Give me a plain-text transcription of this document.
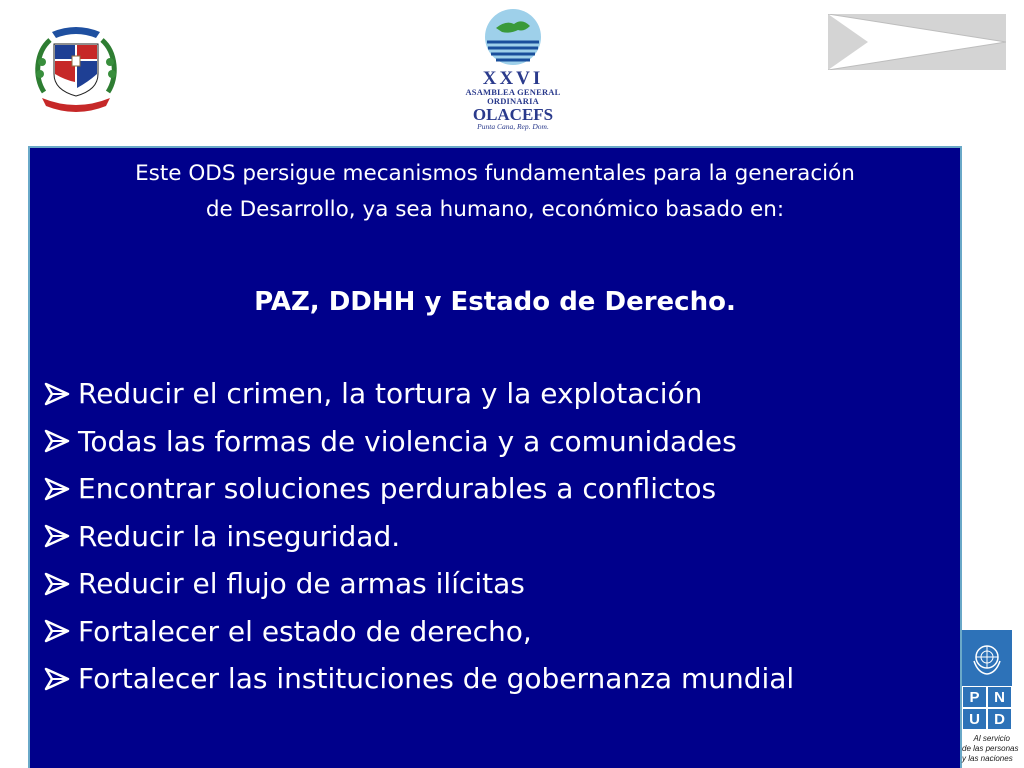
XXVI
ASAMBLEA GENERAL
ORDINARIA
OLACEFS
Punta Cana, Rep. Dom.
Este ODS persigue mecanismos fundamentales para la generación
de Desarrollo, ya sea humano, económico basado en:
PAZ, DDHH y Estado de Derecho.
Reducir el crimen, la tortura y la explotación
Todas las formas de violencia y a comunidades
Encontrar soluciones perdurables a conflictos
Reducir la inseguridad.
Reducir el flujo de armas ilícitas
Fortalecer el estado de derecho,
Fortalecer las instituciones de gobernanza mundial
P N
U D
Al servicio
de las personas
y las naciones
